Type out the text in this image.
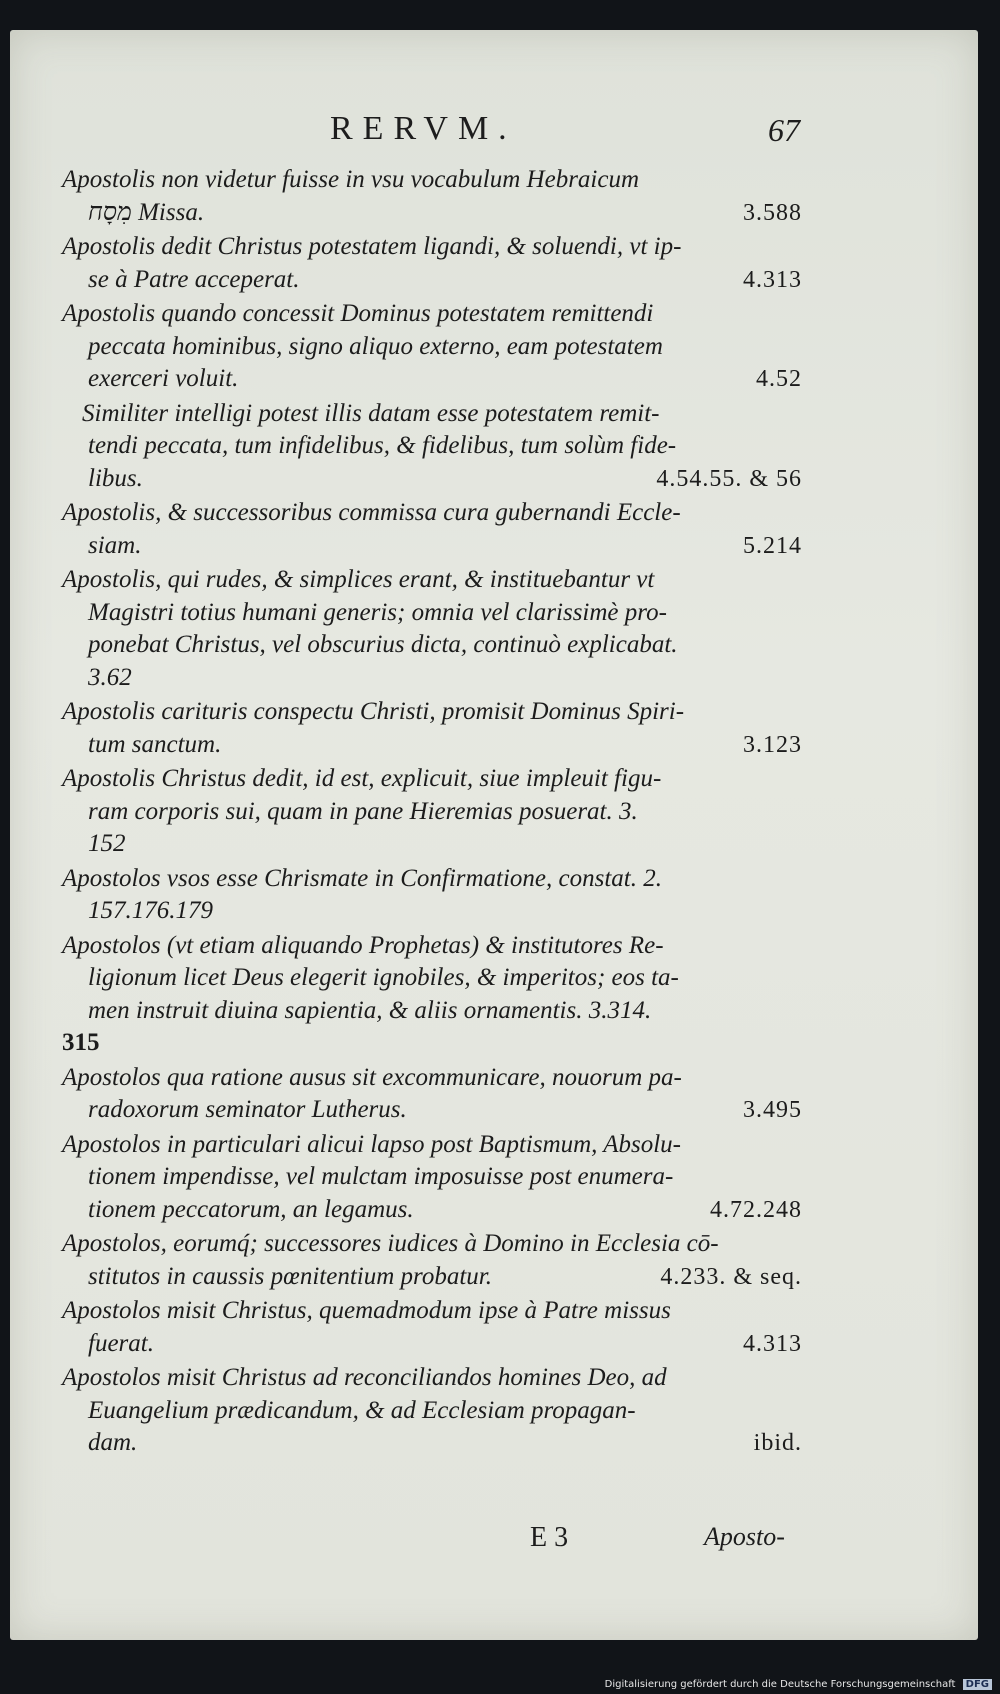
RERVM.	67
Apostolis non videtur fuisse in vsu vocabulum Hebraicum
מִסָח Missa.	3.588
Apostolis dedit Christus potestatem ligandi, & soluendi, vt ip-
se à Patre acceperat.	4.313
Apostolis quando concessit Dominus potestatem remittendi
peccata hominibus, signo aliquo externo, eam potestatem
exerceri voluit.	4.52
Similiter intelligi potest illis datam esse potestatem remit-
tendi peccata, tum infidelibus, & fidelibus, tum solùm fide-
libus.	4.54.55. & 56
Apostolis, & successoribus commissa cura gubernandi Eccle-
siam.	5.214
Apostolis, qui rudes, & simplices erant, & instituebantur vt
Magistri totius humani generis; omnia vel clarissimè pro-
ponebat Christus, vel obscurius dicta, continuò explicabat.
3.62
Apostolis carituris conspectu Christi, promisit Dominus Spiri-
tum sanctum.	3.123
Apostolis Christus dedit, id est, explicuit, siue impleuit figu-
ram corporis sui, quam in pane Hieremias posuerat. 3.
152
Apostolos vsos esse Chrismate in Confirmatione, constat. 2.
157.176.179
Apostolos (vt etiam aliquando Prophetas) & institutores Re-
ligionum licet Deus elegerit ignobiles, & imperitos; eos ta-
men instruit diuina sapientia, & aliis ornamentis. 3.314.
315
Apostolos qua ratione ausus sit excommunicare, nouorum pa-
radoxorum seminator Lutherus.	3.495
Apostolos in particulari alicui lapso post Baptismum, Absolu-
tionem impendisse, vel mulctam imposuisse post enumera-
tionem peccatorum, an legamus.	4.72.248
Apostolos, eorumq́; successores iudices à Domino in Ecclesia cō-
stitutos in caussis pœnitentium probatur.	4.233. & seq.
Apostolos misit Christus, quemadmodum ipse à Patre missus
fuerat.	4.313
Apostolos misit Christus ad reconciliandos homines Deo, ad
Euangelium prædicandum, & ad Ecclesiam propagan-
dam.	ibid.
E 3	Aposto-
Digitalisierung gefördert durch die Deutsche Forschungsgemeinschaft DFG
